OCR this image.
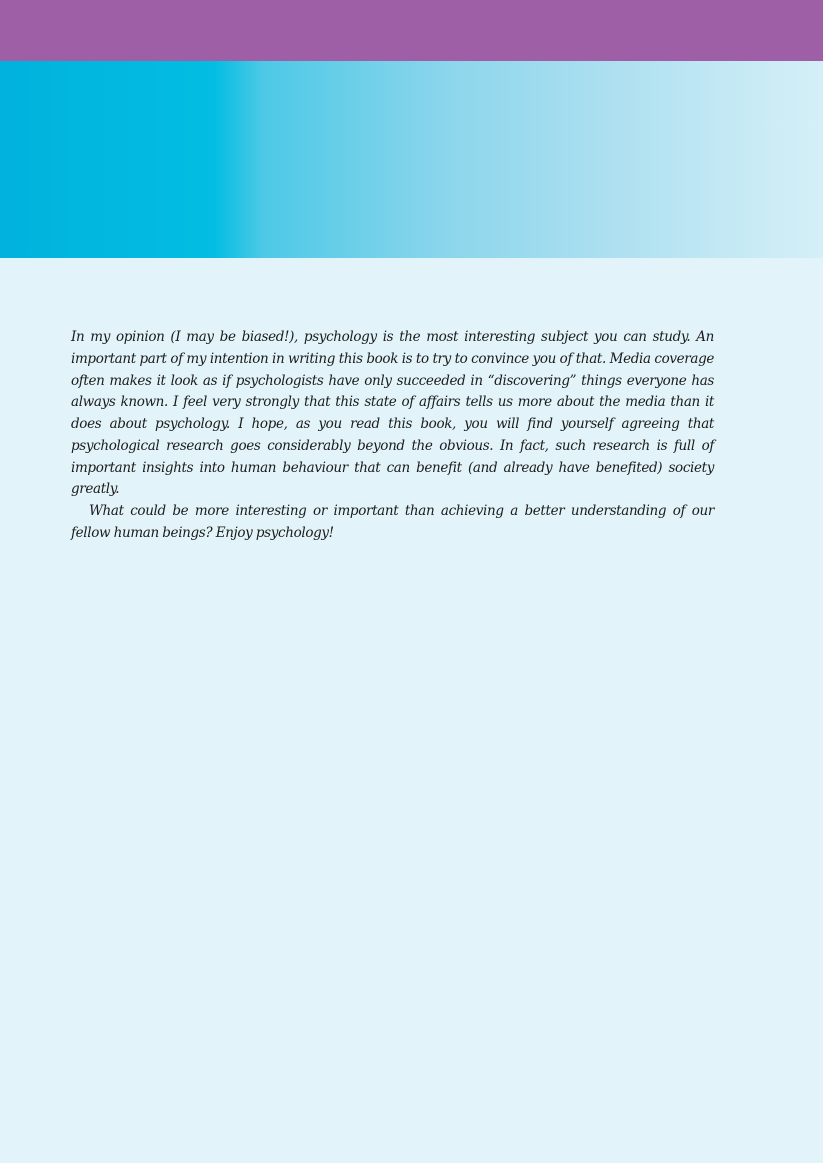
In my opinion (I may be biased!), psychology is the most interesting subject you can study. An important part of my intention in writing this book is to try to convince you of that. Media coverage often makes it look as if psychologists have only succeeded in “discovering” things everyone has always known. I feel very strongly that this state of affairs tells us more about the media than it does about psychology. I hope, as you read this book, you will find yourself agreeing that psychological research goes considerably beyond the obvious. In fact, such research is full of important insights into human behaviour that can benefit (and already have benefited) society greatly.

What could be more interesting or important than achieving a better understanding of our fellow human beings? Enjoy psychology!
